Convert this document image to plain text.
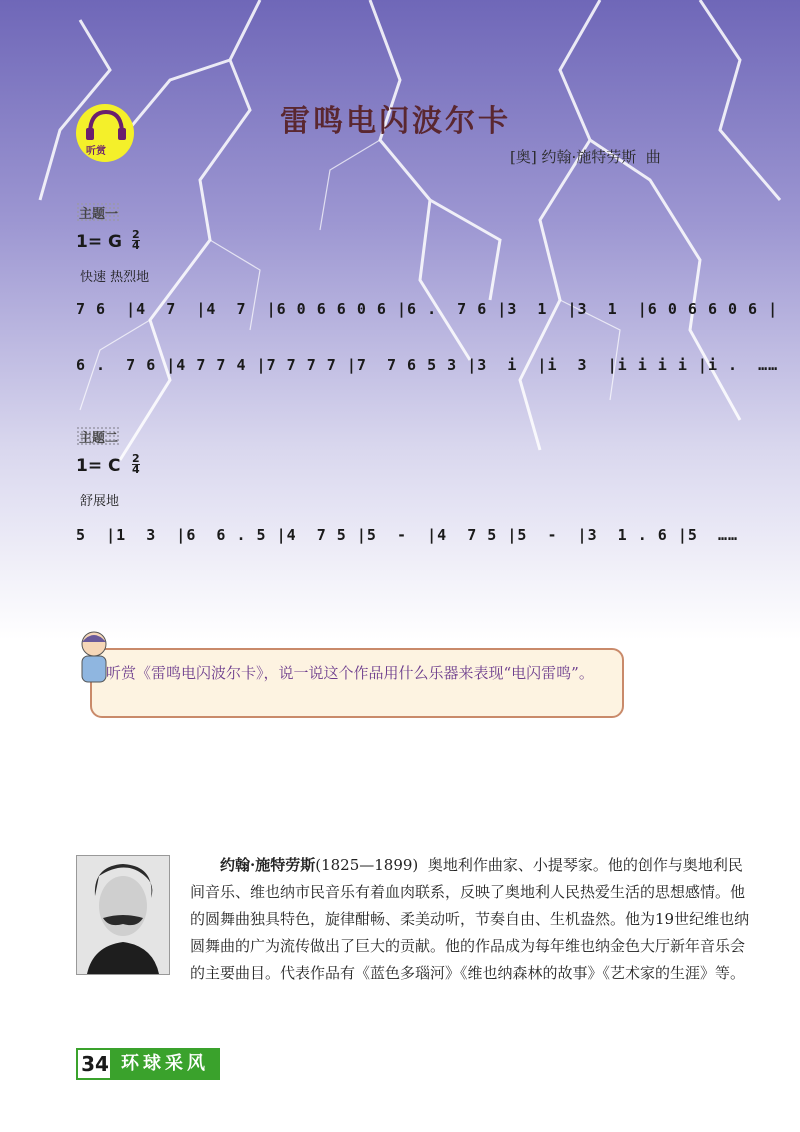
听赏
雷鸣电闪波尔卡
[奥] 约翰·施特劳斯  曲
主题一
1= G $\frac{2}{4}$
快速 热烈地
7 6  |4  7  |4  7  |6 0 6 6 0 6 |6 .  7 6 |3  1  |3  1  |6 0 6 6 0 6 |
6 .  7 6 |4 7 7 4 |7 7 7 7 |7  7 6 5 3 |3  i  |i  3  |i i i i |i .  ……
主题二
1= C $\frac{2}{4}$
舒展地
5  |1  3  |6  6 . 5 |4  7 5 |5  -  |4  7 5 |5  -  |3  1 . 6 |5  ……
听赏《雷鸣电闪波尔卡》，说一说这个作品用什么乐器来表现“电闪雷鸣”。
约翰·施特劳斯(1825—1899) 奥地利作曲家、小提琴家。他的创作与奥地利民间音乐、维也纳市民音乐有着血肉联系，反映了奥地利人民热爱生活的思想感情。他的圆舞曲独具特色，旋律酣畅、柔美动听，节奏自由、生机盎然。他为19世纪维也纳圆舞曲的广为流传做出了巨大的贡献。他的作品成为每年维也纳金色大厅新年音乐会的主要曲目。代表作品有《蓝色多瑙河》《维也纳森林的故事》《艺术家的生涯》等。
34 环球采风
